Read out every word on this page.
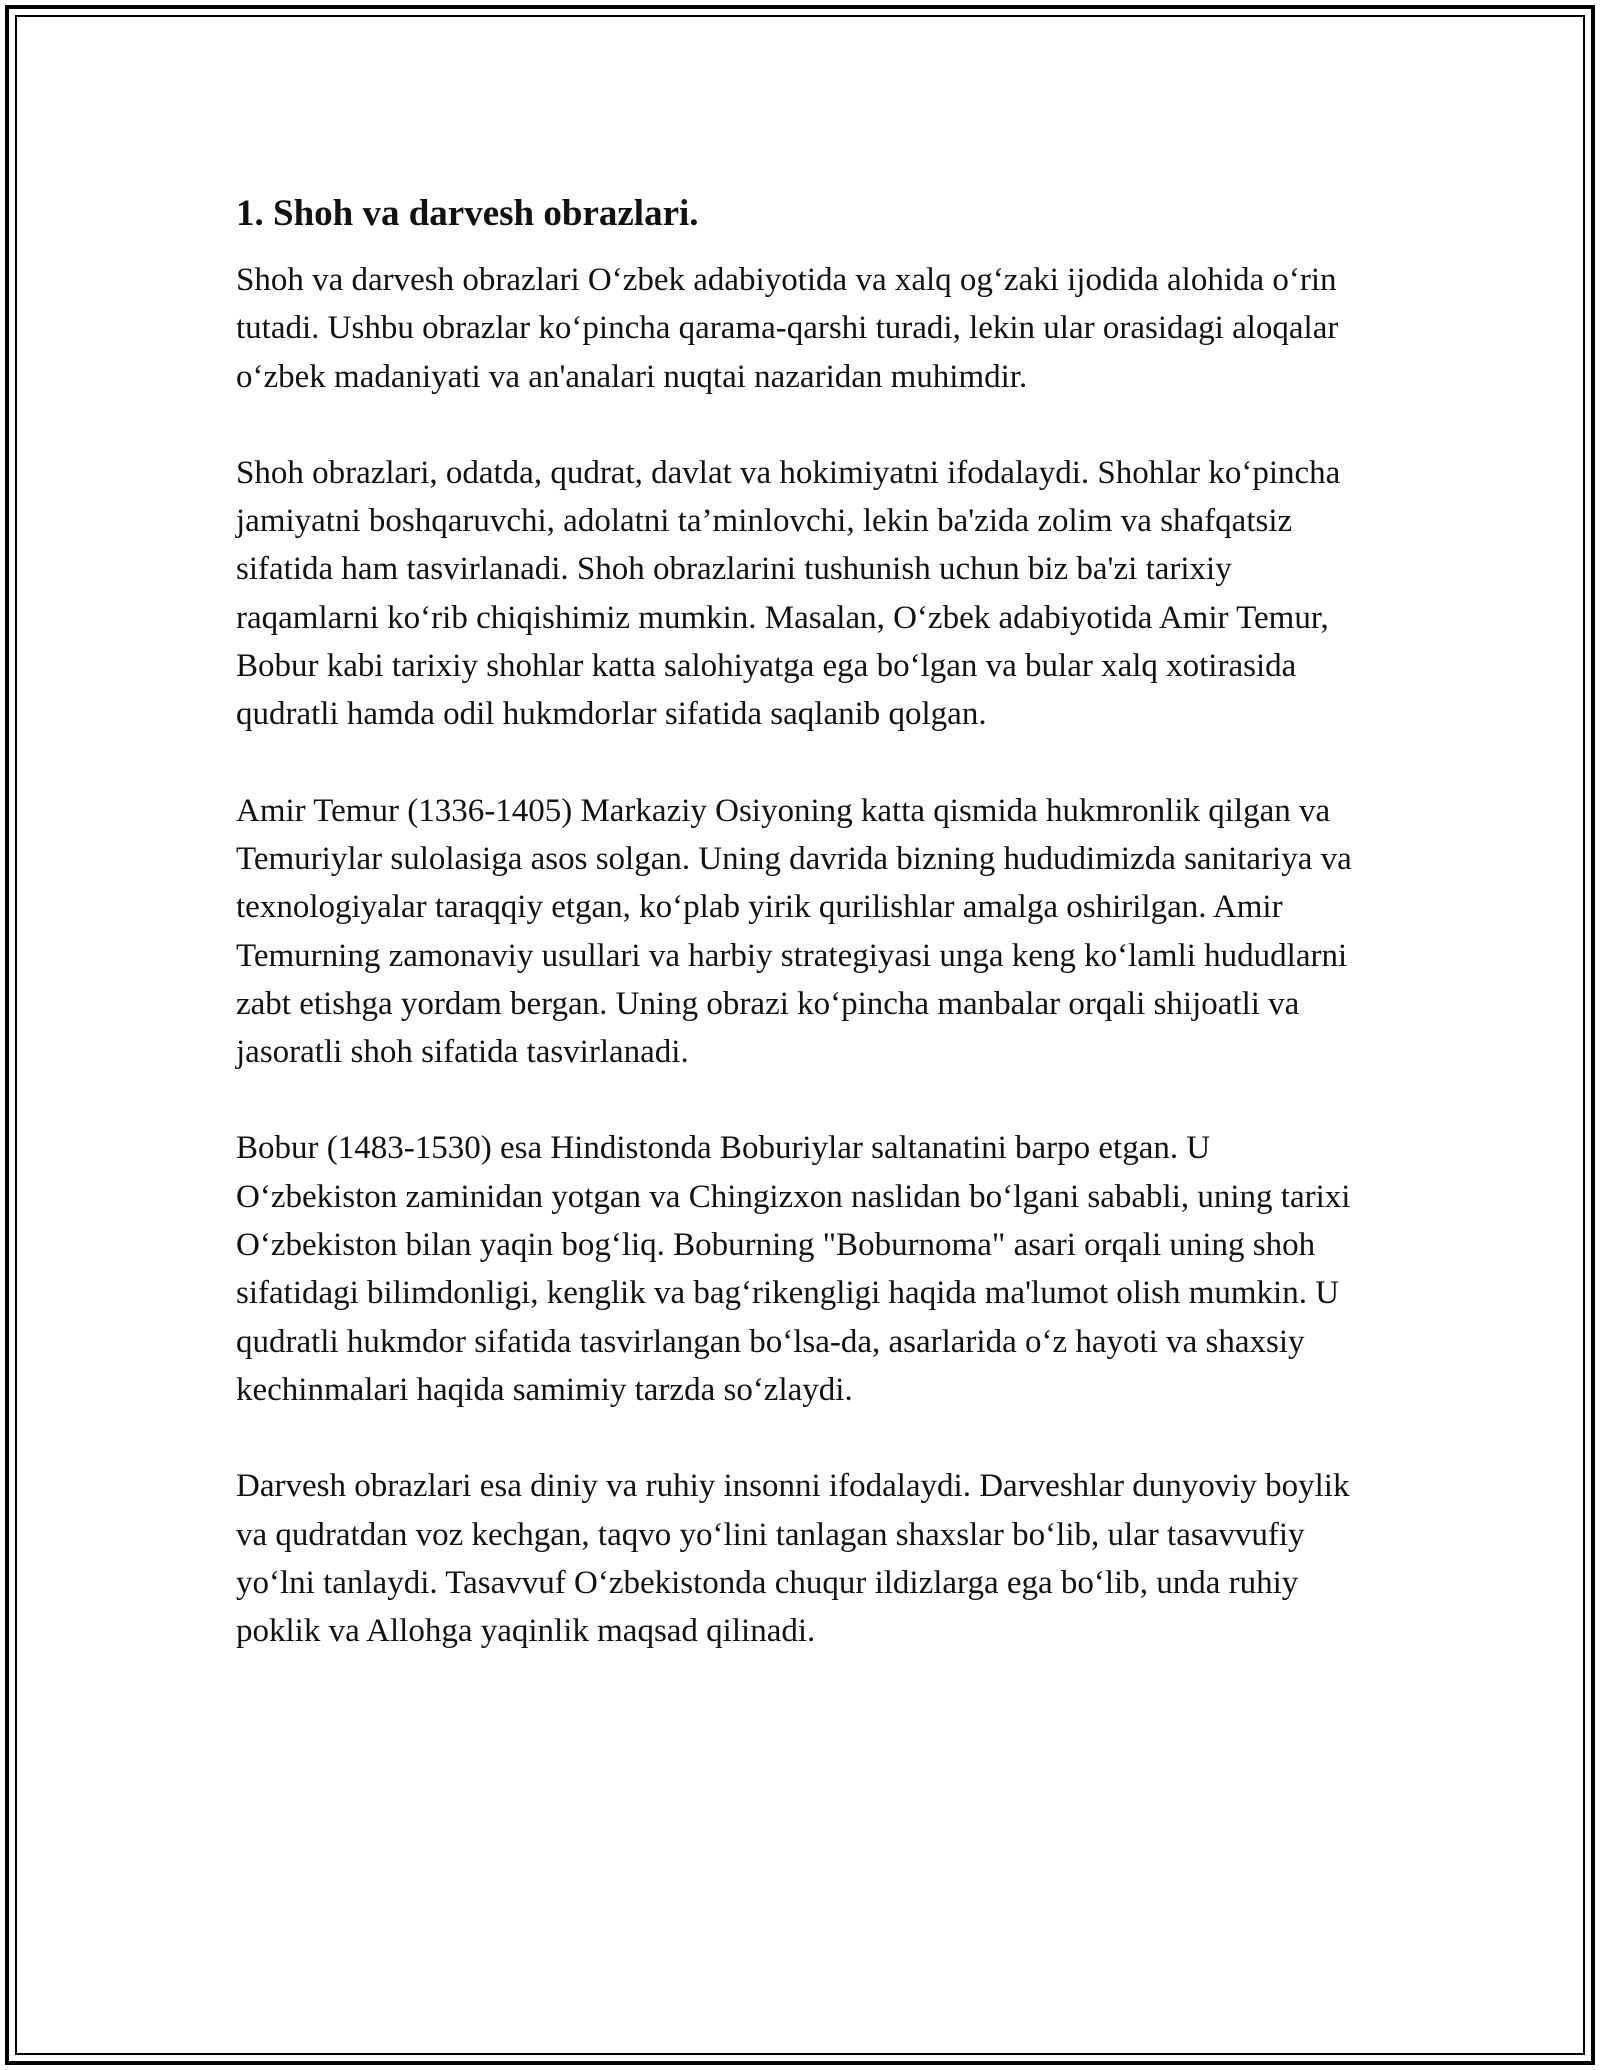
1. Shoh va darvesh obrazlari.

Shoh va darvesh obrazlari O‘zbek adabiyotida va xalq og‘zaki ijodida alohida o‘rin tutadi. Ushbu obrazlar ko‘pincha qarama-qarshi turadi, lekin ular orasidagi aloqalar o‘zbek madaniyati va an'analari nuqtai nazaridan muhimdir.

Shoh obrazlari, odatda, qudrat, davlat va hokimiyatni ifodalaydi. Shohlar ko‘pincha jamiyatni boshqaruvchi, adolatni ta’minlovchi, lekin ba'zida zolim va shafqatsiz sifatida ham tasvirlanadi. Shoh obrazlarini tushunish uchun biz ba'zi tarixiy raqamlarni ko‘rib chiqishimiz mumkin. Masalan, O‘zbek adabiyotida Amir Temur, Bobur kabi tarixiy shohlar katta salohiyatga ega bo‘lgan va bular xalq xotirasida qudratli hamda odil hukmdorlar sifatida saqlanib qolgan.

Amir Temur (1336-1405) Markaziy Osiyoning katta qismida hukmronlik qilgan va Temuriylar sulolasiga asos solgan. Uning davrida bizning hududimizda sanitariya va texnologiyalar taraqqiy etgan, ko‘plab yirik qurilishlar amalga oshirilgan. Amir Temurning zamonaviy usullari va harbiy strategiyasi unga keng ko‘lamli hududlarni zabt etishga yordam bergan. Uning obrazi ko‘pincha manbalar orqali shijoatli va jasoratli shoh sifatida tasvirlanadi.

Bobur (1483-1530) esa Hindistonda Boburiylar saltanatini barpo etgan. U O‘zbekiston zaminidan yotgan va Chingizxon naslidan bo‘lgani sababli, uning tarixi O‘zbekiston bilan yaqin bog‘liq. Boburning "Boburnoma" asari orqali uning shoh sifatidagi bilimdonligi, kenglik va bag‘rikengligi haqida ma'lumot olish mumkin. U qudratli hukmdor sifatida tasvirlangan bo‘lsa-da, asarlarida o‘z hayoti va shaxsiy kechinmalari haqida samimiy tarzda so‘zlaydi.

Darvesh obrazlari esa diniy va ruhiy insonni ifodalaydi. Darveshlar dunyoviy boylik va qudratdan voz kechgan, taqvo yo‘lini tanlagan shaxslar bo‘lib, ular tasavvufiy yo‘lni tanlaydi. Tasavvuf O‘zbekistonda chuqur ildizlarga ega bo‘lib, unda ruhiy poklik va Allohga yaqinlik maqsad qilinadi.
